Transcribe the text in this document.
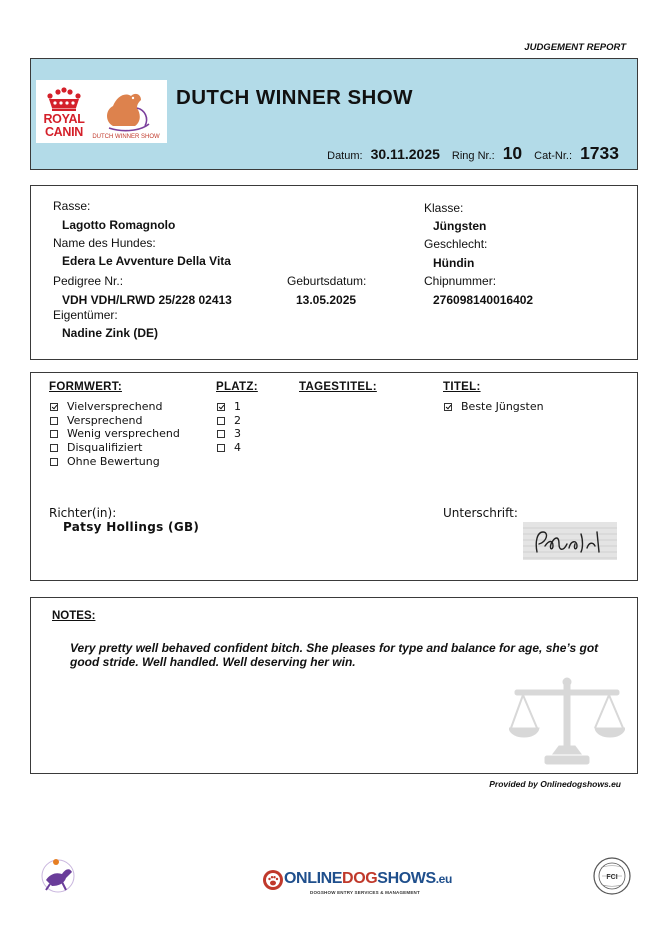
JUDGEMENT REPORT
ROYAL
CANIN	DUTCH WINNER SHOW
DUTCH WINNER SHOW
Datum: 30.11.2025 Ring Nr.: 10 Cat-Nr.: 1733
Rasse:
Lagotto Romagnolo
Name des Hundes:
Edera Le Avventure Della Vita
Pedigree Nr.:
VDH VDH/LRWD 25/228 02413
Geburtsdatum:
13.05.2025
Eigentümer:
Nadine Zink (DE)
Klasse:
Jüngsten
Geschlecht:
Hündin
Chipnummer:
276098140016402
FORMWERT:	PLATZ:	TAGESTITEL:	TITEL:
Vielversprechend
Versprechend
Wenig versprechend
Disqualifiziert
Ohne Bewertung
1
2
3
4
Beste Jüngsten
Richter(in):
Patsy Hollings (GB)
Unterschrift:
NOTES:
Very pretty well behaved confident bitch. She pleases for type and balance for age, she’s got good stride. Well handled. Well deserving her win.
Provided by Onlinedogshows.eu
ONLINEDOGSHOWS.eu
DOGSHOW ENTRY SERVICES & MANAGEMENT
FCI
